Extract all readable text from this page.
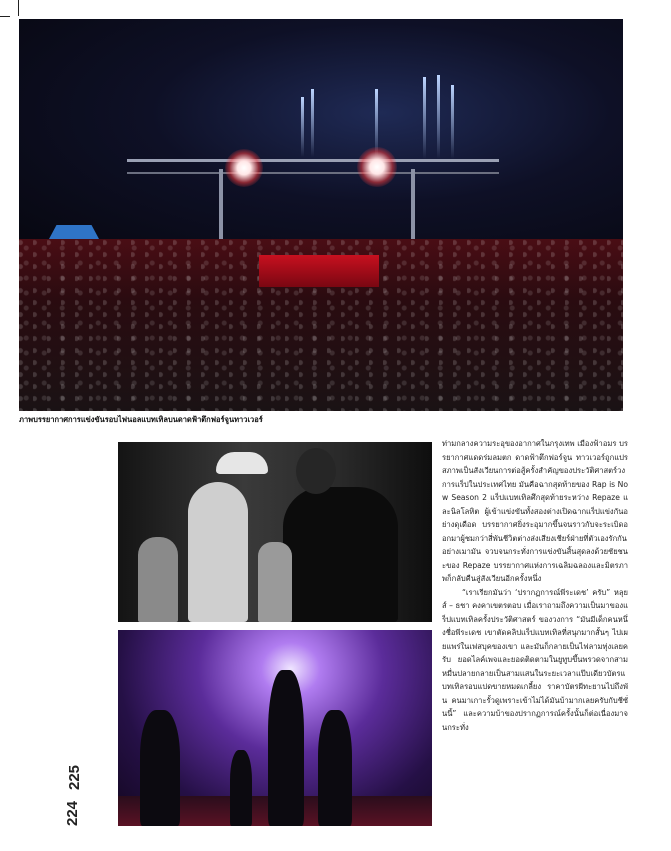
ภาพบรรยากาศการแข่งขันรอบไฟนอลแบทเทิลบนดาดฟ้าตึกฟอร์จูนทาวเวอร์
224
225

ท่ามกลางความระอุของอากาศในกรุงเทพ เมืองฟ้าอมร บรรยากาศแดดร่มลมตก ดาดฟ้าตึกฟอร์จูน ทาวเวอร์ถูกแปรสภาพเป็นสังเวียนการต่อสู้ครั้งสำคัญของประวัติศาสตร์วงการแร็ปในประเทศไทย มันคือฉากสุดท้ายของ Rap is Now Season 2 แร็ปแบทเทิลศึกสุดท้ายระหว่าง Repaze และนิลโลหิต ผู้เข้าแข่งขันทั้งสองต่างเปิดฉากแร็ปแข่งกันอย่างดุเดือด บรรยากาศยิ่งระอุมากขึ้นจนราวกับจะระเบิดออกมาผู้ชมกว่าสี่พันชีวิตต่างส่งเสียงเชียร์ฝ่ายที่ตัวเองรักกันอย่างเมามัน จวบจนกระทั่งการแข่งขันสิ้นสุดลงด้วยชัยชนะของ Repaze บรรยากาศแห่งการเฉลิมฉลองและมิตรภาพก็กลับคืนสู่สังเวียนอีกครั้งหนึ่ง

“เราเรียกมันว่า ‘ปรากฏการณ์พีระเดช’ ครับ” หลุยส์ – ธชา คงคาเขตรตอบ เมื่อเราถามถึงความเป็นมาของแร็ปแบทเทิลครั้งประวัติศาสตร์ ของวงการ “มันมีเด็กคนหนึ่งชื่อพีระเดช เขาตัดคลิปแร็ปแบทเทิลที่สนุกมากสั้นๆ ไปเผยแพร่ในเฟสบุคของเขา และมันก็กลายเป็นไฟลามทุ่งเลยครับ ยอดไลค์เพจและยอดติดตามในยูทูบขึ้นพรวดจากสามหมื่นปลายกลายเป็นสามแสนในระยะเวลาแป๊บเดียวบัตรแบทเทิลรอบแปดขายหมดเกลี้ยง ราคาบัตรผีทะยานไปถึงพัน คนมาเกาะรั้วดูเพราะเข้าไม่ได้มันบ้ามากเลยครับกับชีซั่นนี้” และความบ้าของปรากฏการณ์ครั้งนั้นก็ต่อเนื่องมาจนกระทั่ง
